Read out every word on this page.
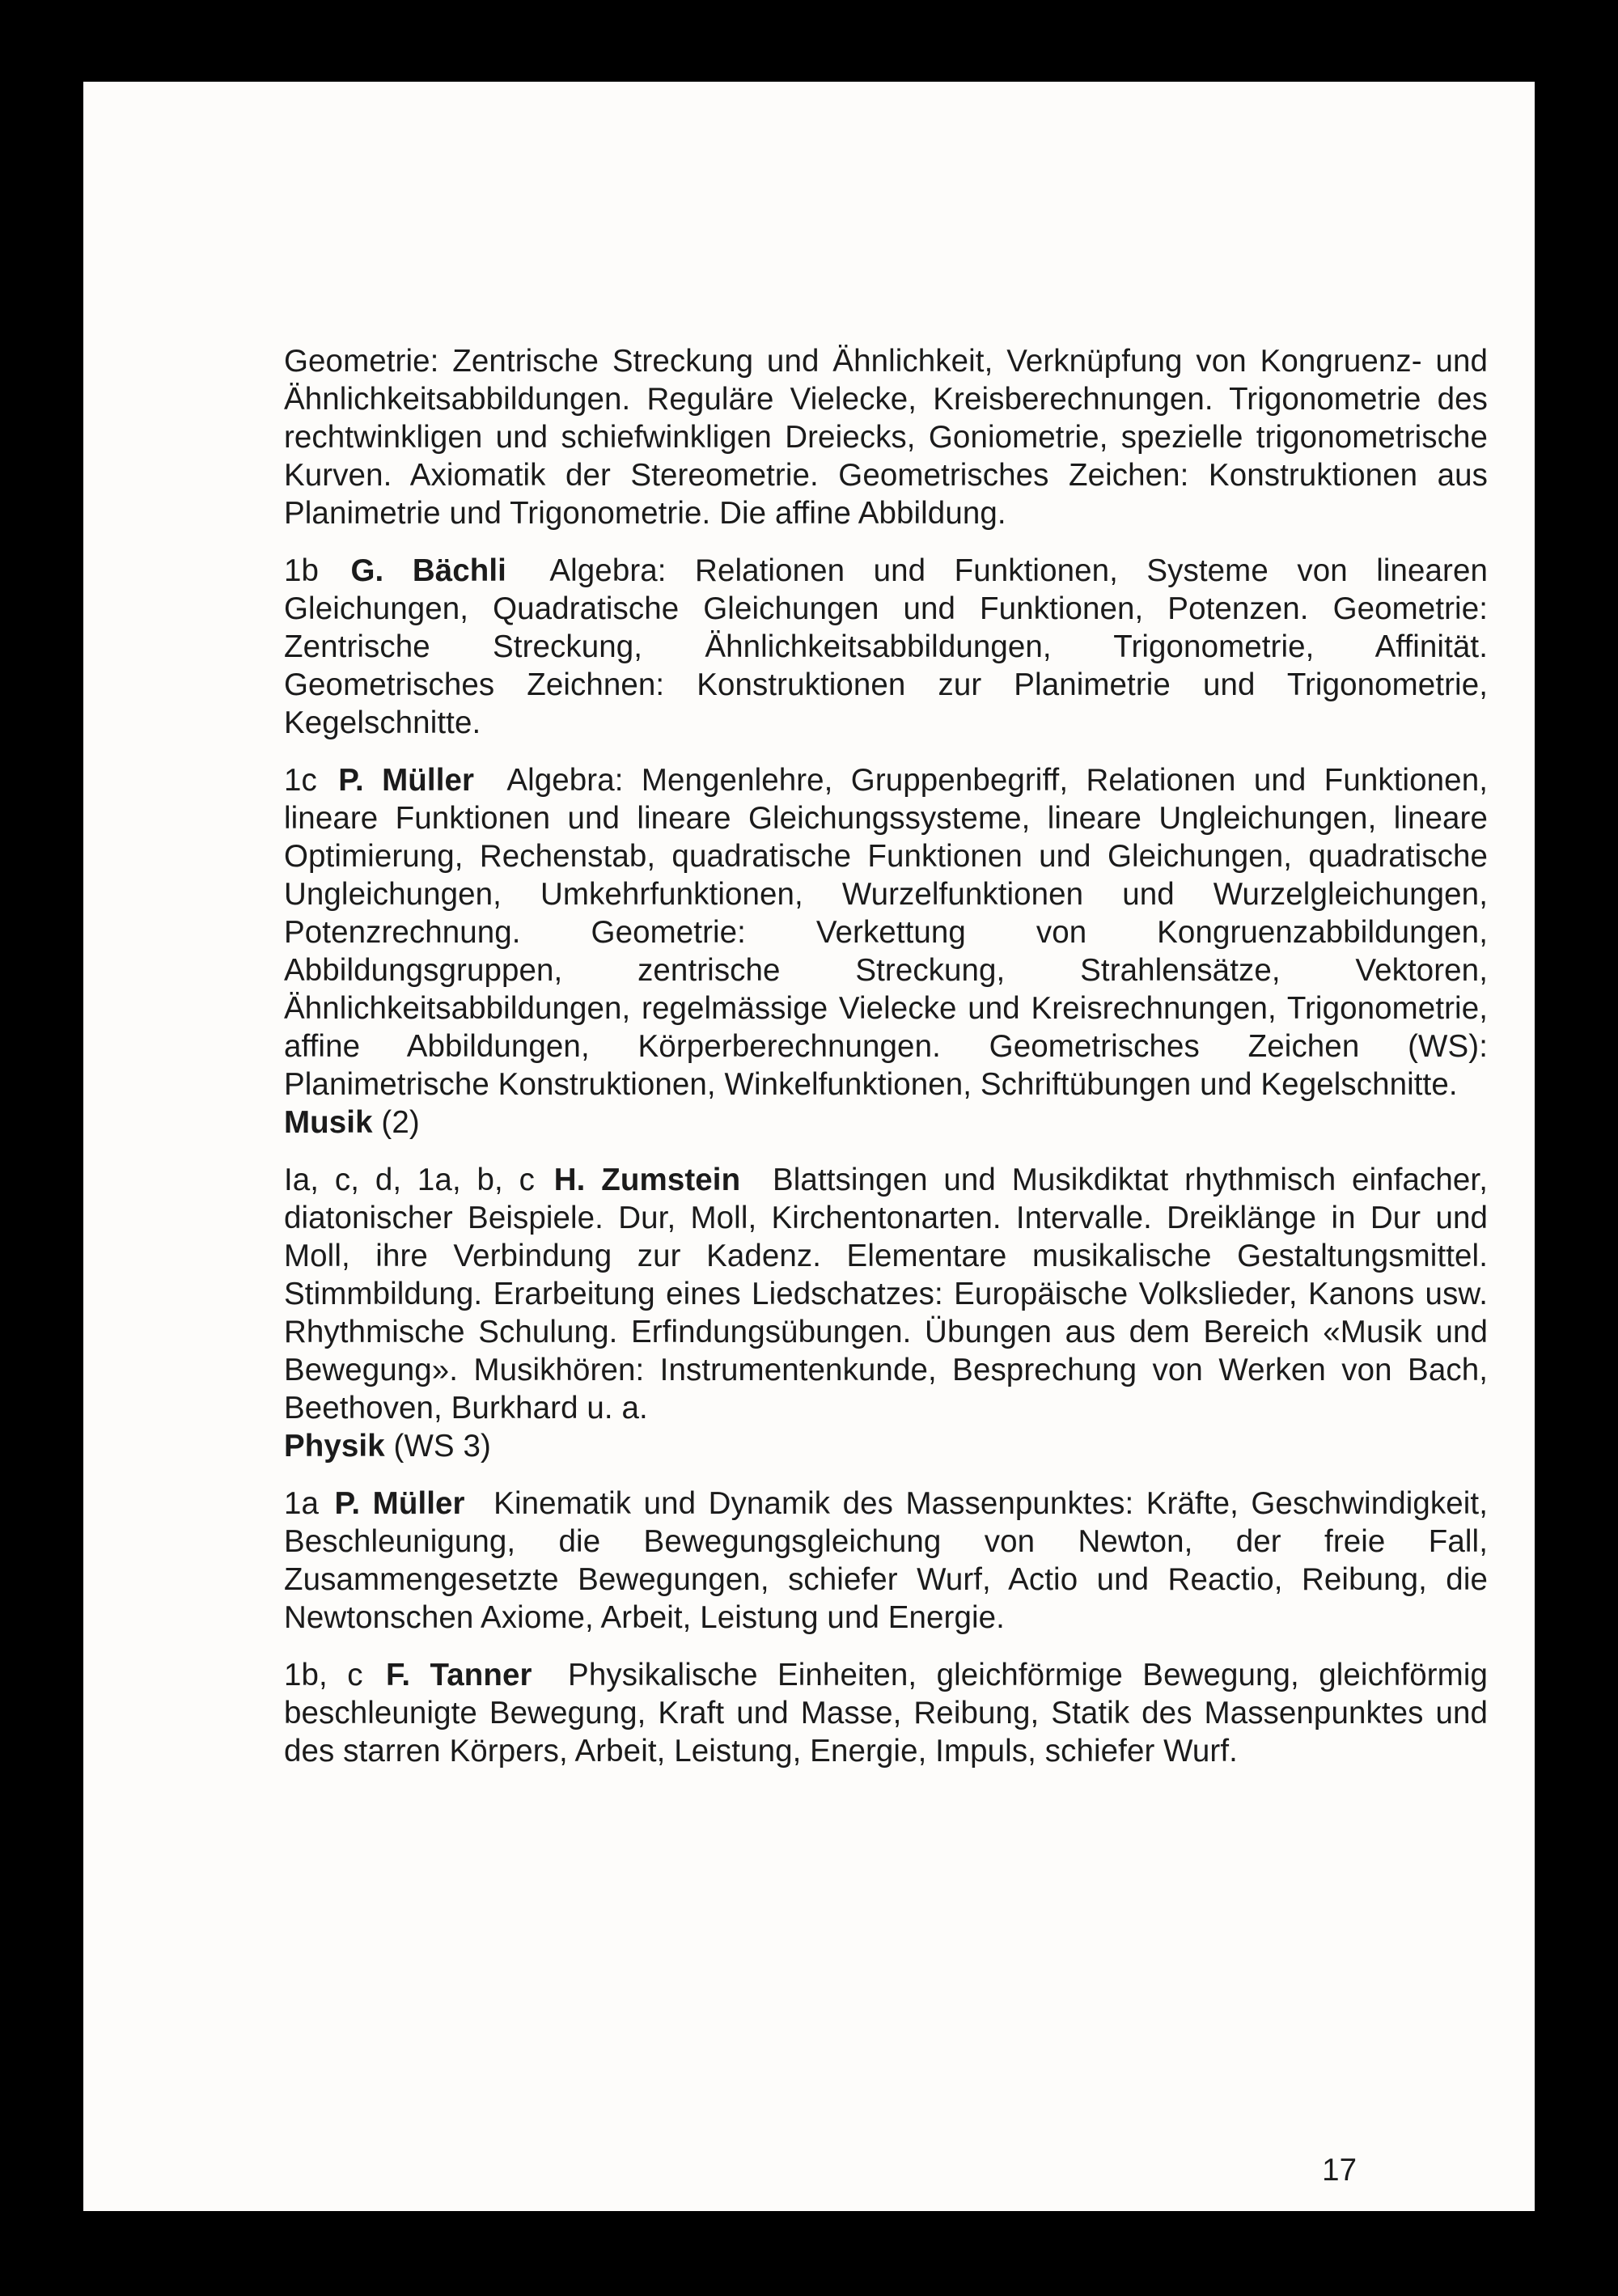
Geometrie: Zentrische Streckung und Ähnlichkeit, Verknüpfung von Kongruenz- und Ähnlichkeitsabbildungen. Reguläre Vielecke, Kreisberechnungen. Trigonometrie des rechtwinkligen und schiefwinkligen Dreiecks, Goniometrie, spezielle trigonometrische Kurven. Axiomatik der Stereometrie. Geometrisches Zeichen: Konstruktionen aus Planimetrie und Trigonometrie. Die affine Abbildung.

1b G. Bächli Algebra: Relationen und Funktionen, Systeme von linearen Gleichungen, Quadratische Gleichungen und Funktionen, Potenzen. Geometrie: Zentrische Streckung, Ähnlichkeitsabbildungen, Trigonometrie, Affinität. Geometrisches Zeichnen: Konstruktionen zur Planimetrie und Trigonometrie, Kegelschnitte.

1c P. Müller Algebra: Mengenlehre, Gruppenbegriff, Relationen und Funktionen, lineare Funktionen und lineare Gleichungssysteme, lineare Ungleichungen, lineare Optimierung, Rechenstab, quadratische Funktionen und Gleichungen, quadratische Ungleichungen, Umkehrfunktionen, Wurzelfunktionen und Wurzelgleichungen, Potenzrechnung. Geometrie: Verkettung von Kongruenzabbildungen, Abbildungsgruppen, zentrische Streckung, Strahlensätze, Vektoren, Ähnlichkeitsabbildungen, regelmässige Vielecke und Kreisrechnungen, Trigonometrie, affine Abbildungen, Körperberechnungen. Geometrisches Zeichen (WS): Planimetrische Konstruktionen, Winkelfunktionen, Schriftübungen und Kegelschnitte.

Musik (2)

Ia, c, d, 1a, b, c H. Zumstein Blattsingen und Musikdiktat rhythmisch einfacher, diatonischer Beispiele. Dur, Moll, Kirchentonarten. Intervalle. Dreiklänge in Dur und Moll, ihre Verbindung zur Kadenz. Elementare musikalische Gestaltungsmittel. Stimmbildung. Erarbeitung eines Liedschatzes: Europäische Volkslieder, Kanons usw. Rhythmische Schulung. Erfindungsübungen. Übungen aus dem Bereich «Musik und Bewegung». Musikhören: Instrumentenkunde, Besprechung von Werken von Bach, Beethoven, Burkhard u. a.

Physik (WS 3)

1a P. Müller Kinematik und Dynamik des Massenpunktes: Kräfte, Geschwindigkeit, Beschleunigung, die Bewegungsgleichung von Newton, der freie Fall, Zusammengesetzte Bewegungen, schiefer Wurf, Actio und Reactio, Reibung, die Newtonschen Axiome, Arbeit, Leistung und Energie.

1b, c F. Tanner Physikalische Einheiten, gleichförmige Bewegung, gleichförmig beschleunigte Bewegung, Kraft und Masse, Reibung, Statik des Massenpunktes und des starren Körpers, Arbeit, Leistung, Energie, Impuls, schiefer Wurf.

17
